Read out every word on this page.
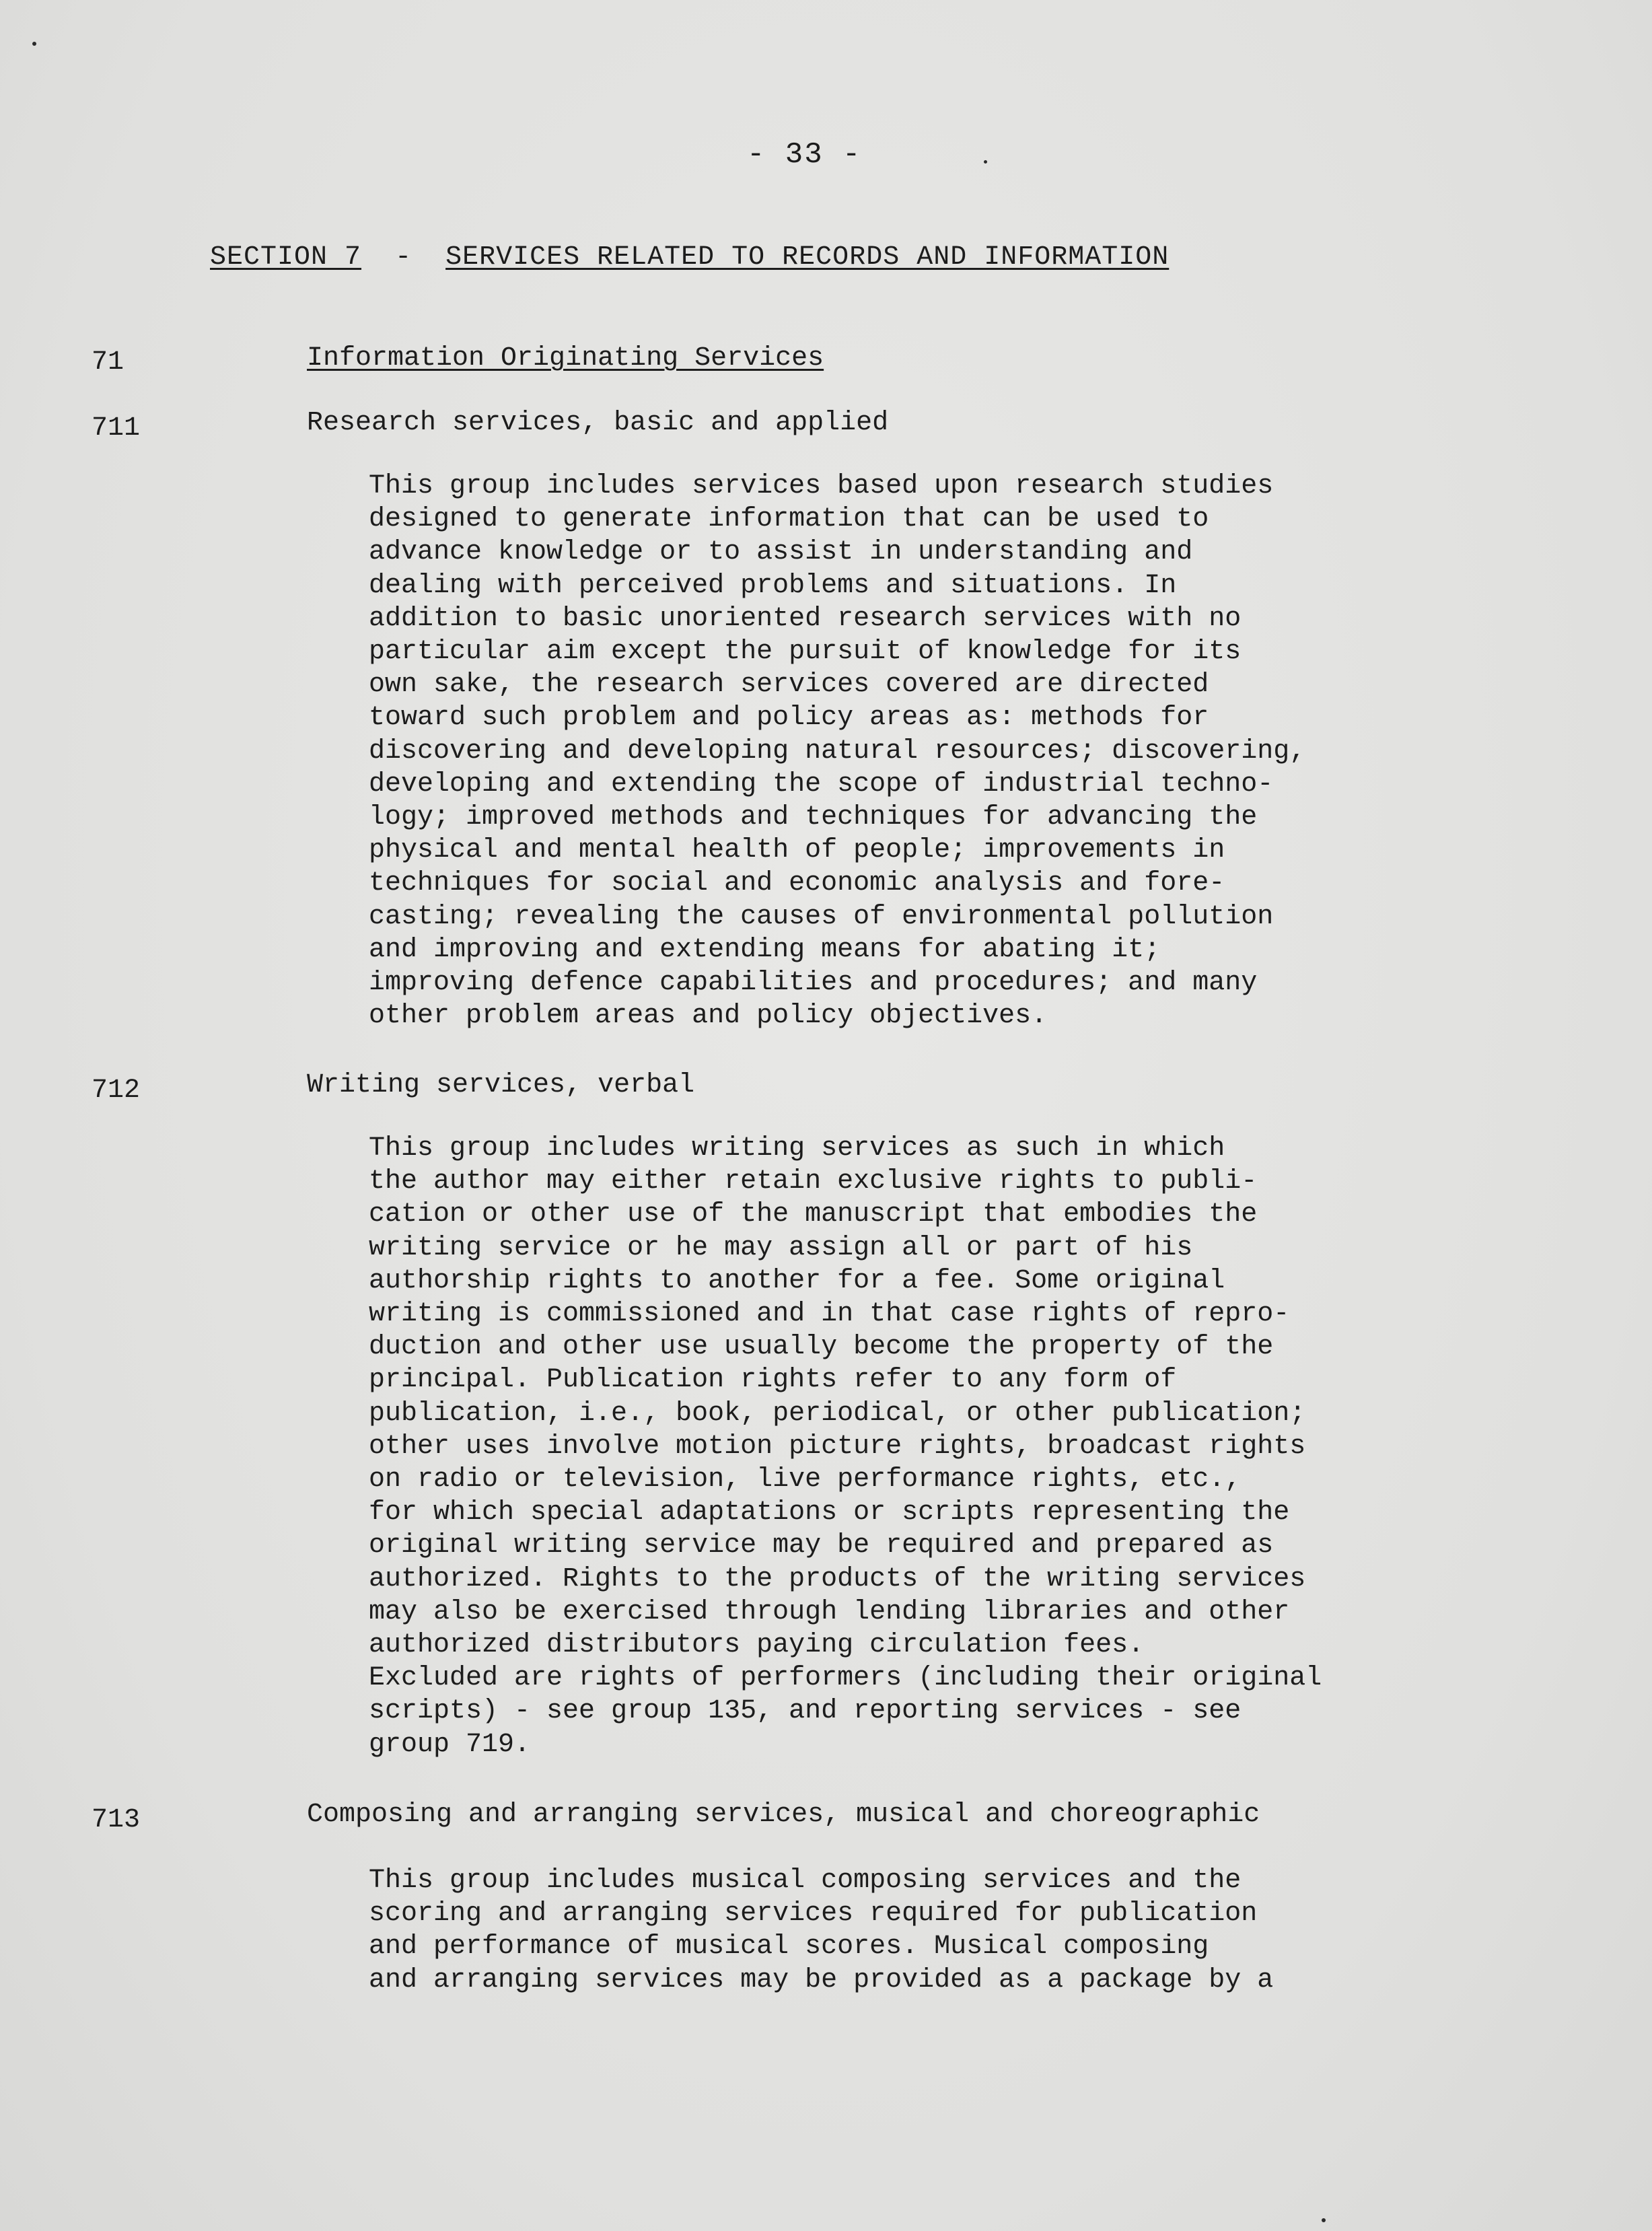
- 33 -
SECTION 7 - SERVICES RELATED TO RECORDS AND INFORMATION
71	Information Originating Services
711	Research services, basic and applied

This group includes services based upon research studies
designed to generate information that can be used to
advance knowledge or to assist in understanding and
dealing with perceived problems and situations. In
addition to basic unoriented research services with no
particular aim except the pursuit of knowledge for its
own sake, the research services covered are directed
toward such problem and policy areas as: methods for
discovering and developing natural resources; discovering,
developing and extending the scope of industrial techno-
logy; improved methods and techniques for advancing the
physical and mental health of people; improvements in
techniques for social and economic analysis and fore-
casting; revealing the causes of environmental pollution
and improving and extending means for abating it;
improving defence capabilities and procedures; and many
other problem areas and policy objectives.

712	Writing services, verbal

This group includes writing services as such in which
the author may either retain exclusive rights to publi-
cation or other use of the manuscript that embodies the
writing service or he may assign all or part of his
authorship rights to another for a fee. Some original
writing is commissioned and in that case rights of repro-
duction and other use usually become the property of the
principal. Publication rights refer to any form of
publication, i.e., book, periodical, or other publication;
other uses involve motion picture rights, broadcast rights
on radio or television, live performance rights, etc.,
for which special adaptations or scripts representing the
original writing service may be required and prepared as
authorized. Rights to the products of the writing services
may also be exercised through lending libraries and other
authorized distributors paying circulation fees.
Excluded are rights of performers (including their original
scripts) - see group 135, and reporting services - see
group 719.

713	Composing and arranging services, musical and choreographic

This group includes musical composing services and the
scoring and arranging services required for publication
and performance of musical scores. Musical composing
and arranging services may be provided as a package by a
